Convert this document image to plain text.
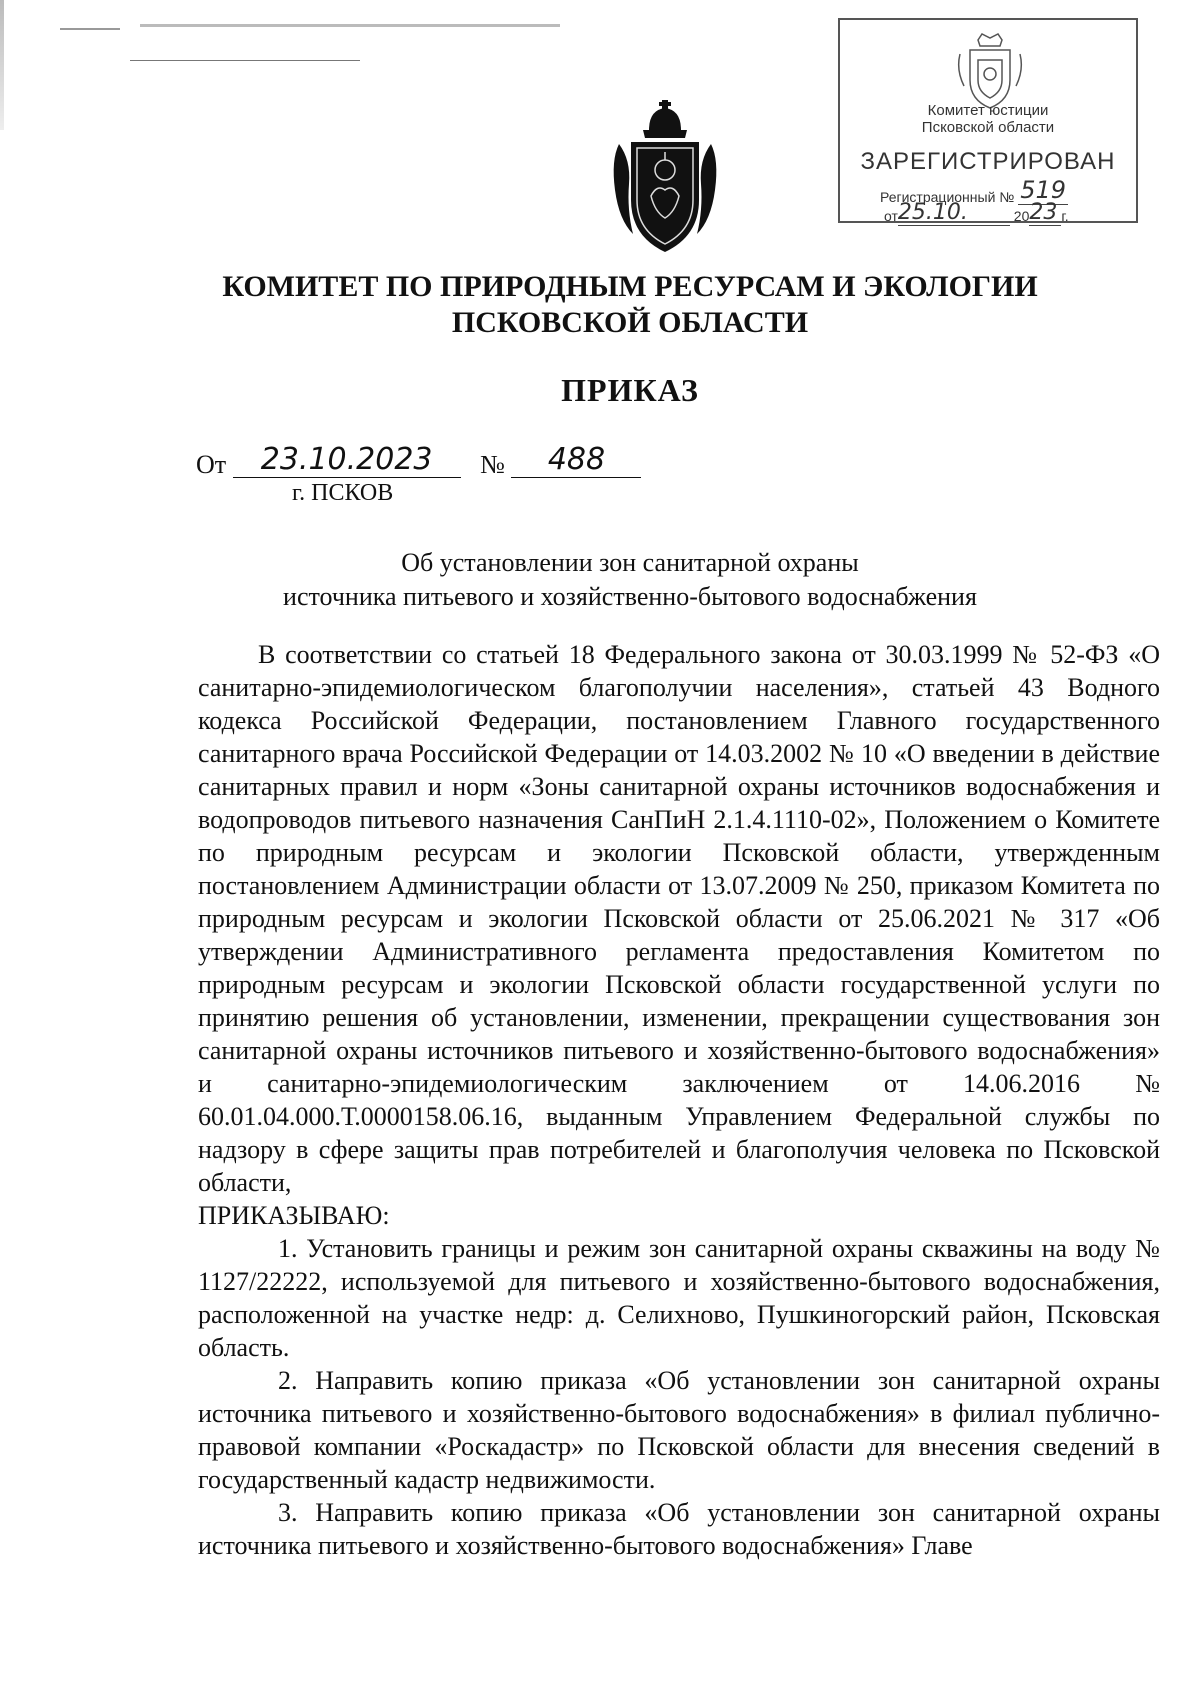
Комитет юстиции
Псковской области
ЗАРЕГИСТРИРОВАН
Регистрационный № 519
от25.10.	2023 г.
КОМИТЕТ ПО ПРИРОДНЫМ РЕСУРСАМ И ЭКОЛОГИИ
ПСКОВСКОЙ ОБЛАСТИ
ПРИКАЗ
От 23.10.2023 № 488
г. ПСКОВ
Об установлении зон санитарной охраны
источника питьевого и хозяйственно-бытового водоснабжения

В соответствии со статьей 18 Федерального закона от 30.03.1999 № 52-ФЗ «О санитарно-эпидемиологическом благополучии населения», статьей 43 Водного кодекса Российской Федерации, постановлением Главного государственного санитарного врача Российской Федерации от 14.03.2002 № 10 «О введении в действие санитарных правил и норм «Зоны санитарной охраны источников водоснабжения и водопроводов питьевого назначения СанПиН 2.1.4.1110-02», Положением о Комитете по природным ресурсам и экологии Псковской области, утвержденным постановлением Администрации области от 13.07.2009 № 250, приказом Комитета по природным ресурсам и экологии Псковской области от 25.06.2021 № 317 «Об утверждении Административного регламента предоставления Комитетом по природным ресурсам и экологии Псковской области государственной услуги по принятию решения об установлении, изменении, прекращении существования зон санитарной охраны источников питьевого и хозяйственно-бытового водоснабжения» и санитарно-эпидемиологическим заключением от 14.06.2016 № 60.01.04.000.Т.0000158.06.16, выданным Управлением Федеральной службы по надзору в сфере защиты прав потребителей и благополучия человека по Псковской области,

ПРИКАЗЫВАЮ:

1. Установить границы и режим зон санитарной охраны скважины на воду № 1127/22222, используемой для питьевого и хозяйственно-бытового водоснабжения, расположенной на участке недр: д. Селихново, Пушкиногорский район, Псковская область.

2. Направить копию приказа «Об установлении зон санитарной охраны источника питьевого и хозяйственно-бытового водоснабжения» в филиал публично-правовой компании «Роскадастр» по Псковской области для внесения сведений в государственный кадастр недвижимости.

3. Направить копию приказа «Об установлении зон санитарной охраны источника питьевого и хозяйственно-бытового водоснабжения» Главе
